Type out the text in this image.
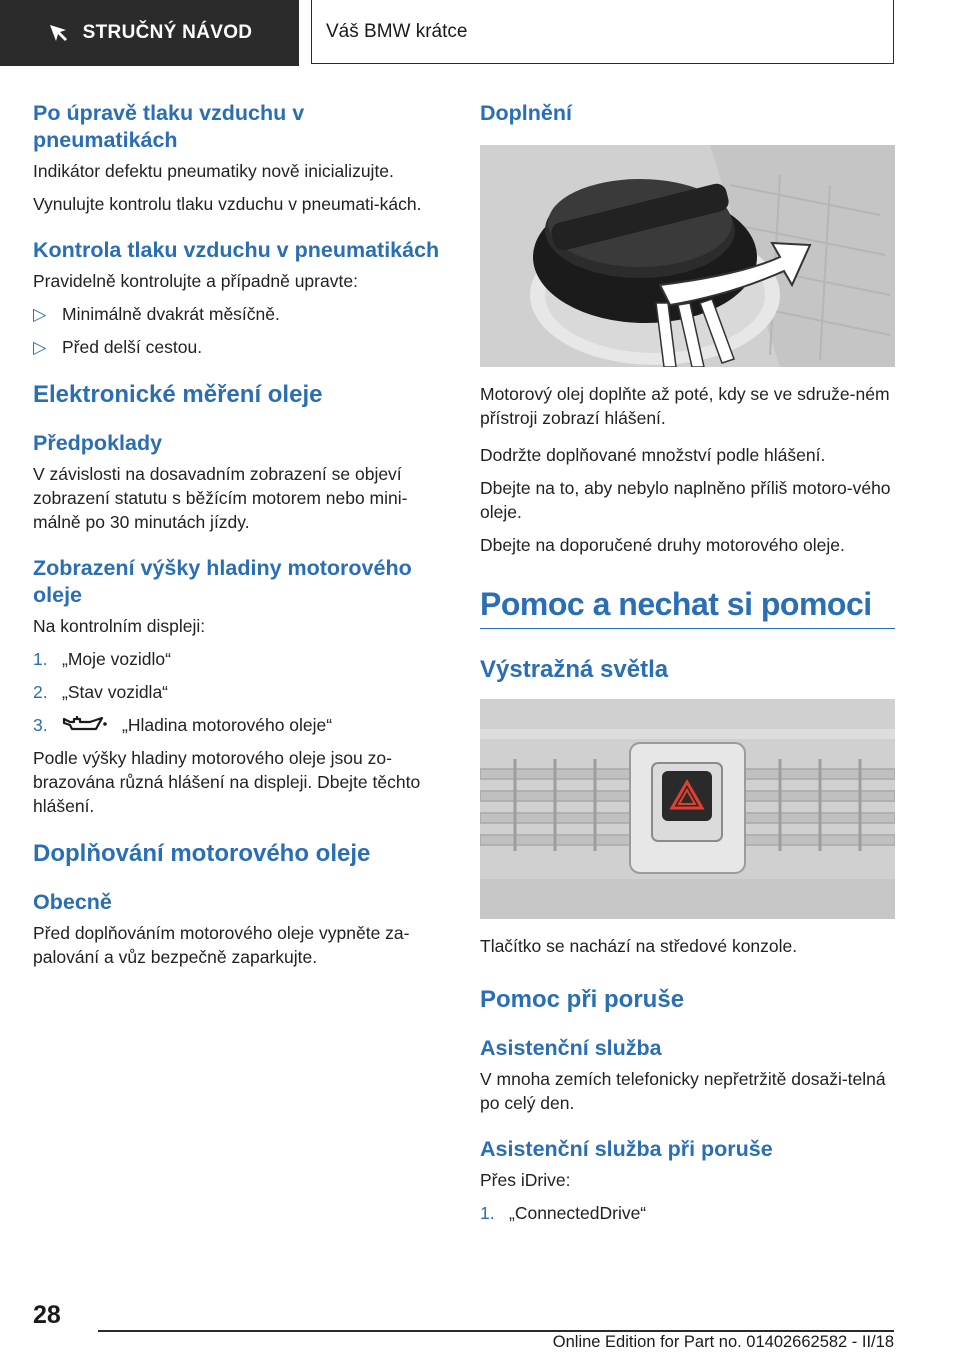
STRUČNÝ NÁVOD	Váš BMW krátce
Po úpravě tlaku vzduchu v pneumatikách

Indikátor defektu pneumatiky nově inicializujte.

Vynulujte kontrolu tlaku vzduchu v pneumati-kách.

Kontrola tlaku vzduchu v pneumatikách

Pravidelně kontrolujte a případně upravte:

▷ Minimálně dvakrát měsíčně.
▷ Před delší cestou.
Elektronické měření oleje
Předpoklady

V závislosti na dosavadním zobrazení se objeví zobrazení statutu s běžícím motorem nebo mini-málně po 30 minutách jízdy.

Zobrazení výšky hladiny motorového oleje

Na kontrolním displeji:

1. „Moje vozidlo“
2. „Stav vozidla“
3.	„Hladina motorového oleje“

Podle výšky hladiny motorového oleje jsou zo-brazována různá hlášení na displeji. Dbejte těchto hlášení.

Doplňování motorového oleje
Obecně

Před doplňováním motorového oleje vypněte za-palování a vůz bezpečně zaparkujte.

Doplnění

Motorový olej doplňte až poté, kdy se ve sdruže-ném přístroji zobrazí hlášení.

Dodržte doplňované množství podle hlášení.

Dbejte na to, aby nebylo naplněno příliš motoro-vého oleje.

Dbejte na doporučené druhy motorového oleje.

Pomoc a nechat si pomoci
Výstražná světla

Tlačítko se nachází na středové konzole.

Pomoc při poruše
Asistenční služba

V mnoha zemích telefonicky nepřetržitě dosaži-telná po celý den.

Asistenční služba při poruše

Přes iDrive:

1. „ConnectedDrive“
28
Online Edition for Part no. 01402662582 - II/18
